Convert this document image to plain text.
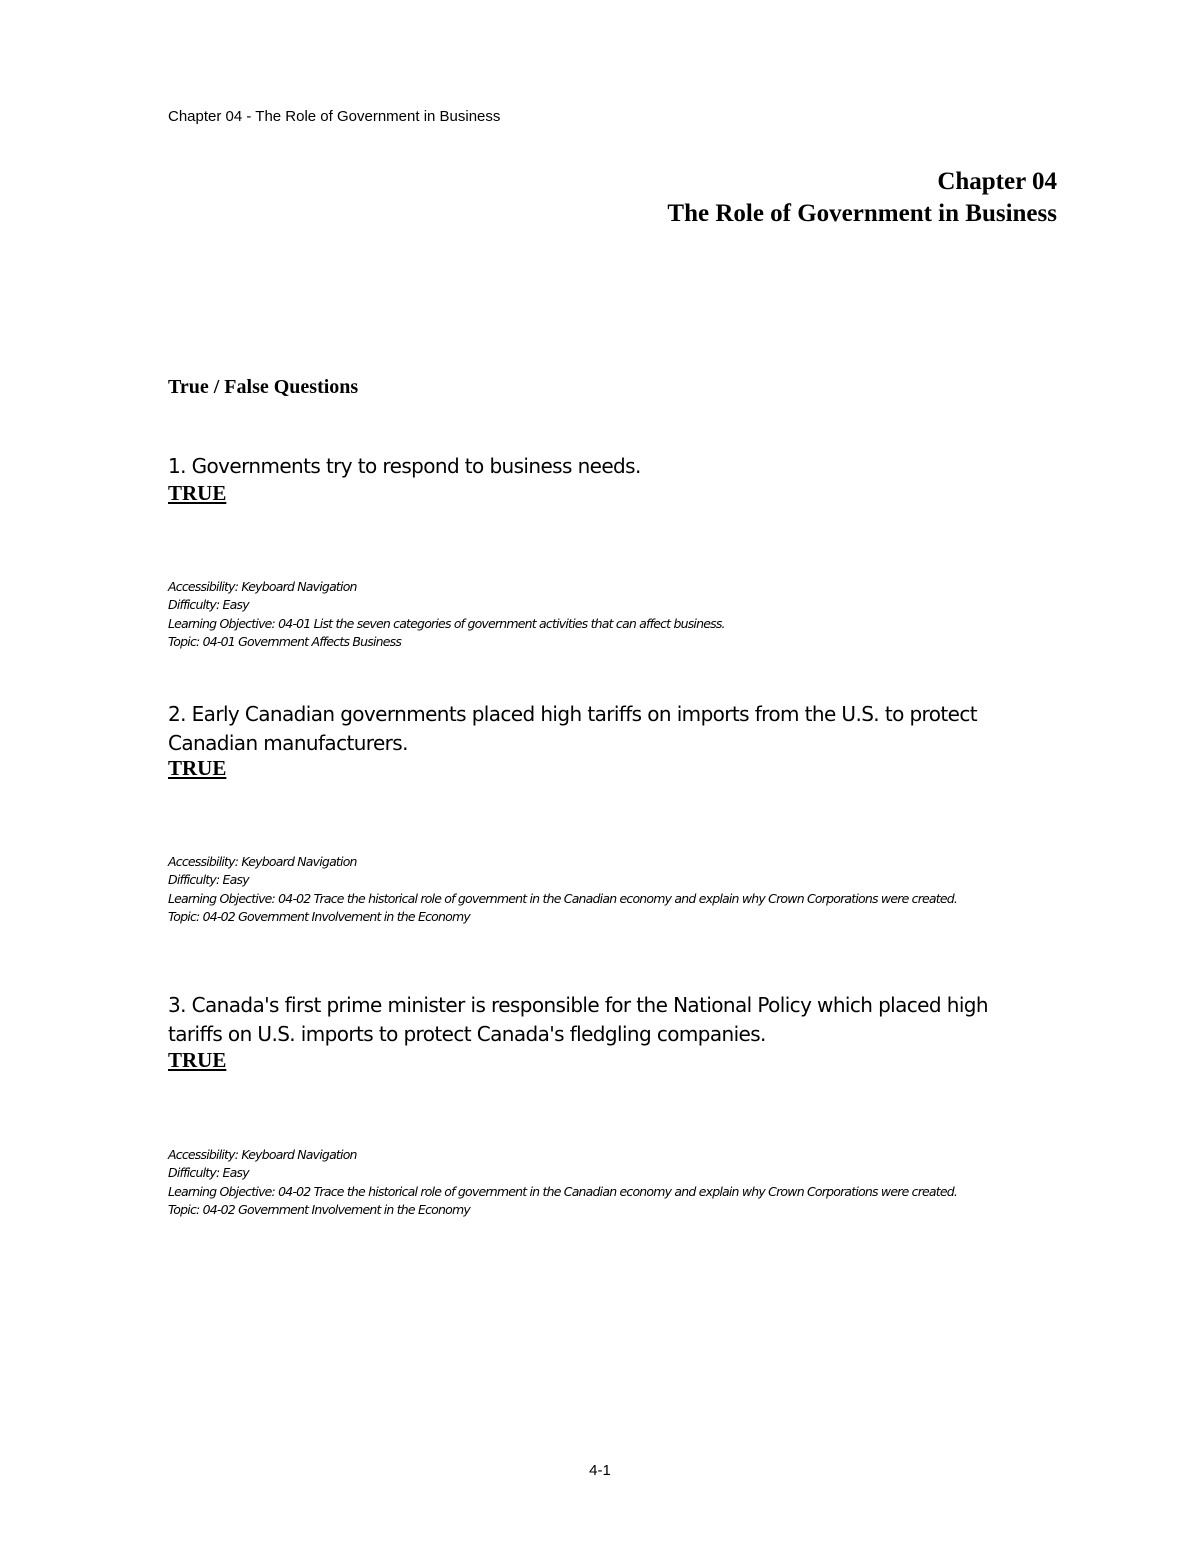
Chapter 04 - The Role of Government in Business
Chapter 04
The Role of Government in Business
True / False Questions
1. Governments try to respond to business needs.
TRUE
Accessibility: Keyboard Navigation
Difficulty: Easy
Learning Objective: 04-01 List the seven categories of government activities that can affect business.
Topic: 04-01 Government Affects Business
2. Early Canadian governments placed high tariffs on imports from the U.S. to protect Canadian manufacturers.
TRUE
Accessibility: Keyboard Navigation
Difficulty: Easy
Learning Objective: 04-02 Trace the historical role of government in the Canadian economy and explain why Crown Corporations were created.
Topic: 04-02 Government Involvement in the Economy
3. Canada's first prime minister is responsible for the National Policy which placed high tariffs on U.S. imports to protect Canada's fledgling companies.
TRUE
Accessibility: Keyboard Navigation
Difficulty: Easy
Learning Objective: 04-02 Trace the historical role of government in the Canadian economy and explain why Crown Corporations were created.
Topic: 04-02 Government Involvement in the Economy
4-1
